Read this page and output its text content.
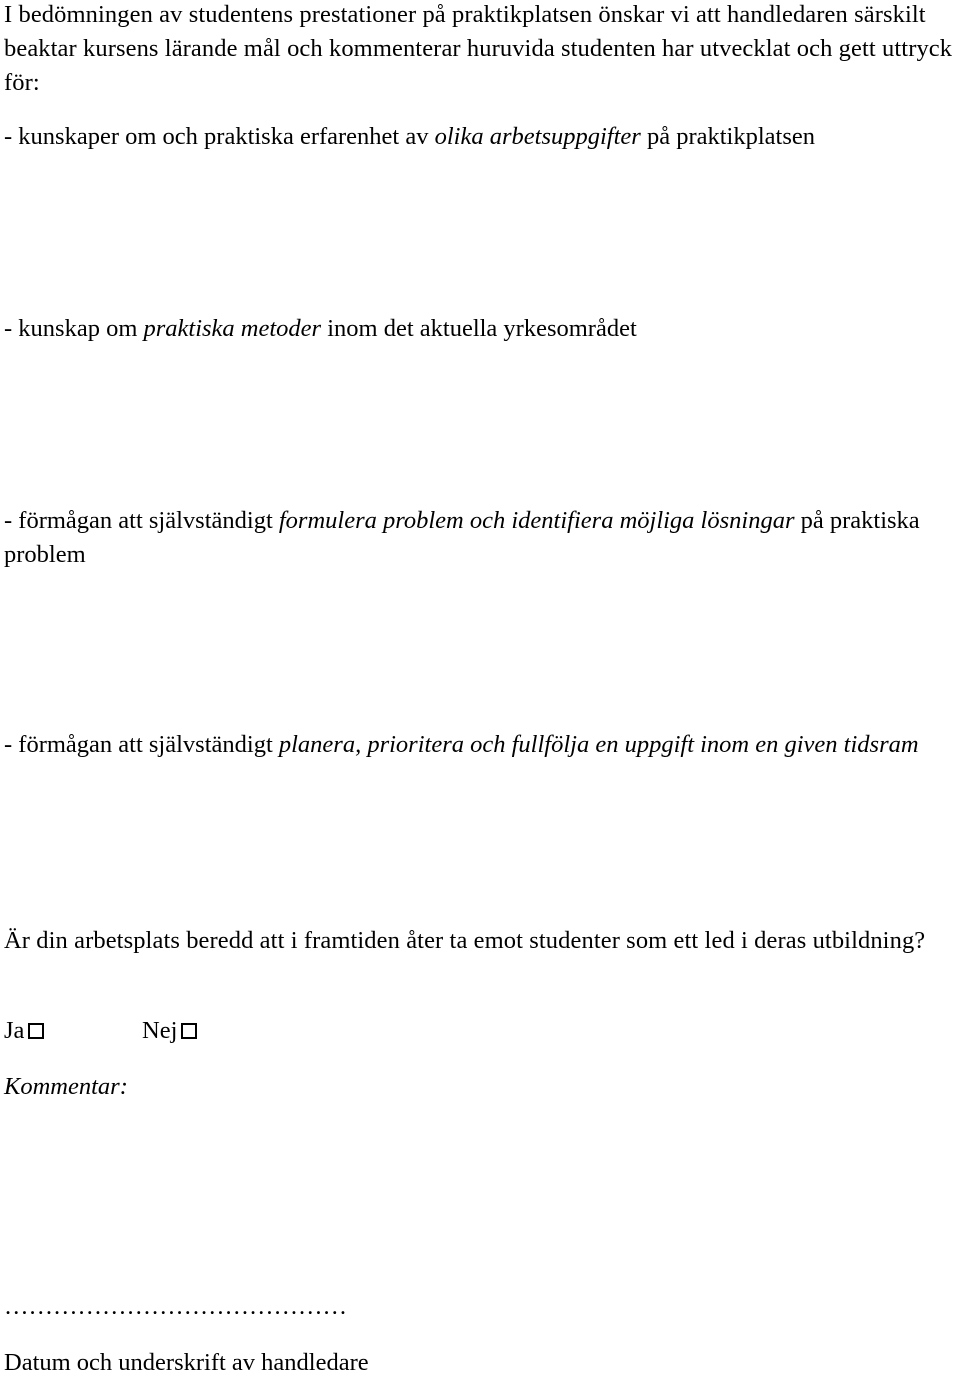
I bedömningen av studentens prestationer på praktikplatsen önskar vi att handledaren särskilt beaktar kursens lärande mål och kommenterar huruvida studenten har utvecklat och gett uttryck för:
- kunskaper om och praktiska erfarenhet av olika arbetsuppgifter på praktikplatsen
- kunskap om praktiska metoder inom det aktuella yrkesområdet
- förmågan att självständigt formulera problem och identifiera möjliga lösningar på praktiska problem
- förmågan att självständigt planera, prioritera och fullfölja en uppgift inom en given tidsram
Är din arbetsplats beredd att i framtiden åter ta emot studenter som ett led i deras utbildning?
Ja	Nej
Kommentar:
……………………………………
Datum och underskrift av handledare
